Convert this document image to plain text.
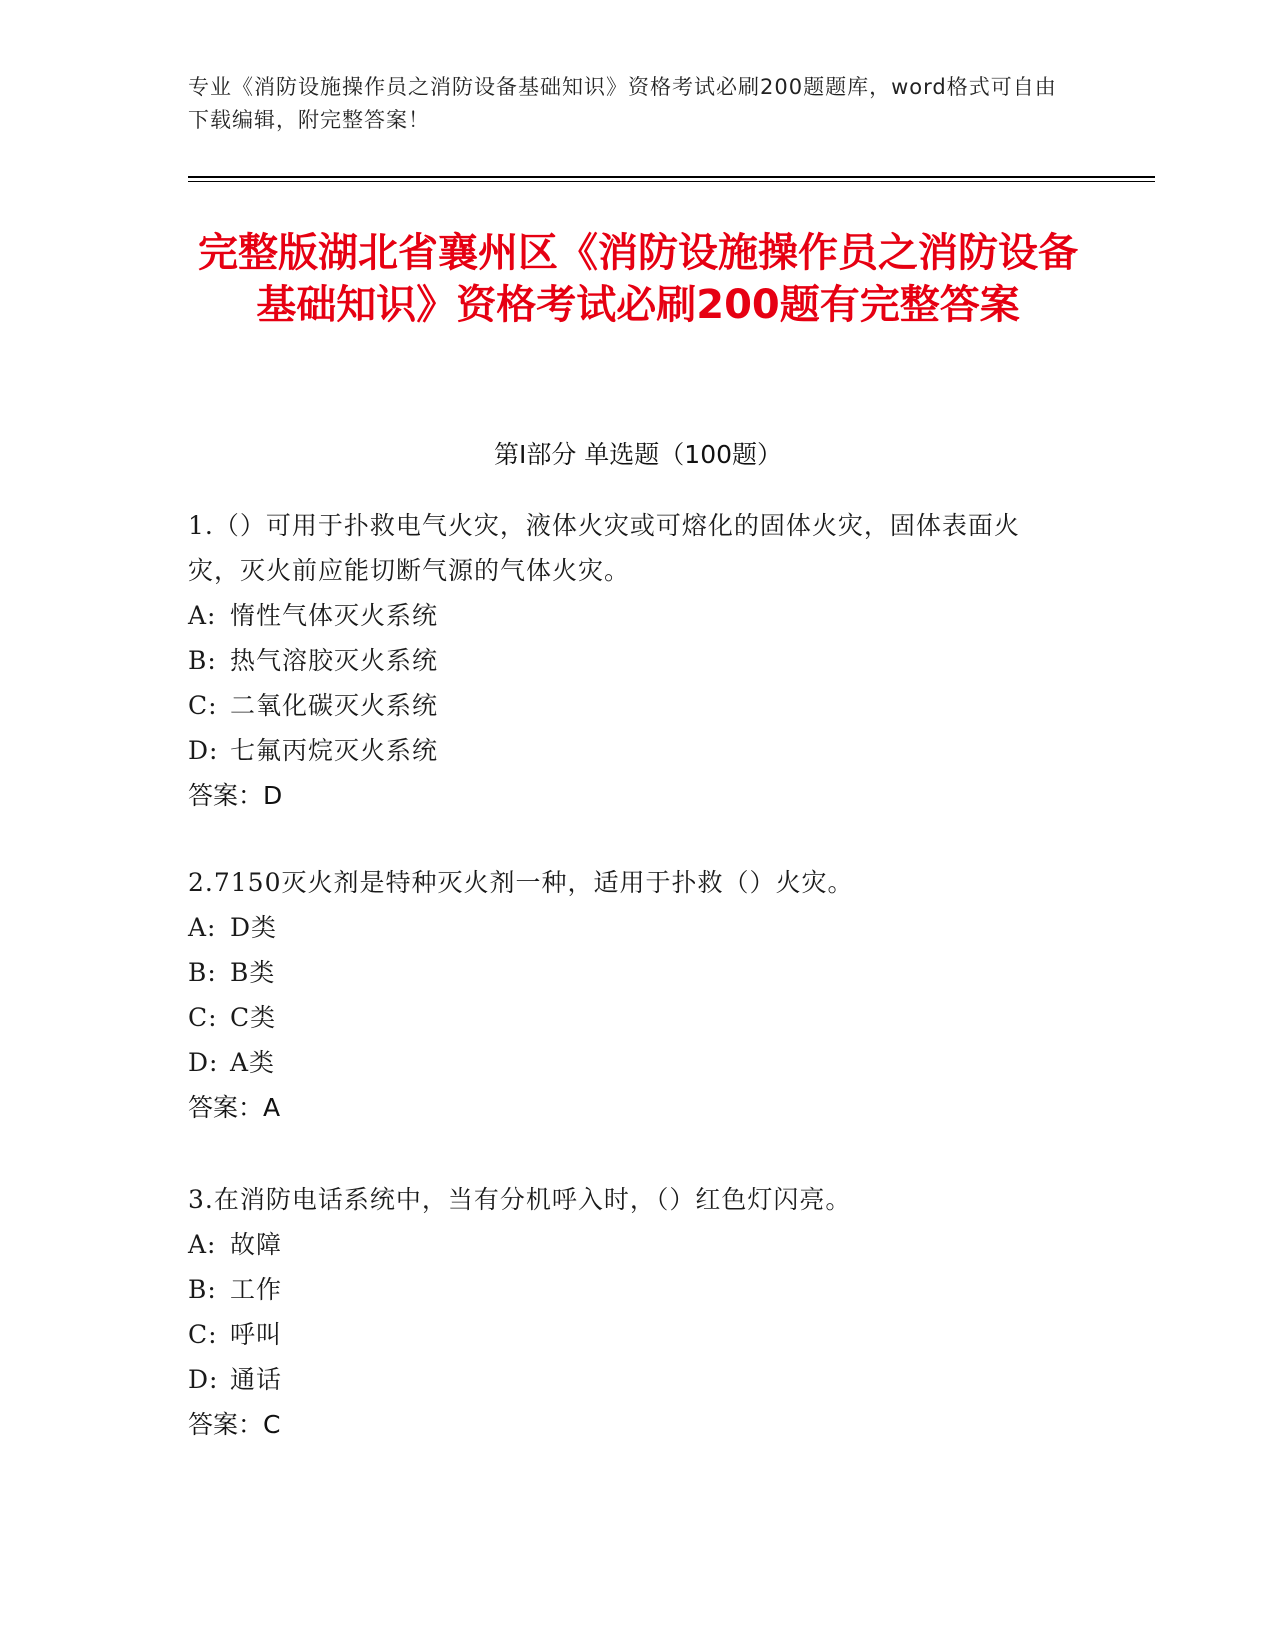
专业《消防设施操作员之消防设备基础知识》资格考试必刷200题题库，word格式可自由下载编辑，附完整答案！
完整版湖北省襄州区《消防设施操作员之消防设备基础知识》资格考试必刷200题有完整答案
第I部分 单选题（100题）
1.（）可用于扑救电气火灾，液体火灾或可熔化的固体火灾，固体表面火灾，灭火前应能切断气源的气体火灾。
A: 惰性气体灭火系统
B: 热气溶胶灭火系统
C: 二氧化碳灭火系统
D: 七氟丙烷灭火系统
答案：D
2.7150灭火剂是特种灭火剂一种，适用于扑救（）火灾。
A: D类
B: B类
C: C类
D: A类
答案：A
3.在消防电话系统中，当有分机呼入时，（）红色灯闪亮。
A: 故障
B: 工作
C: 呼叫
D: 通话
答案：C
